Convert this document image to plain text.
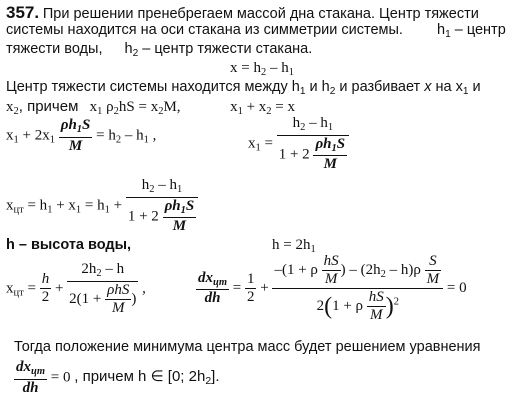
357. При решении пренебрегаем массой дна стакана. Центр тяжести
системы находится на оси стакана из симметрии системы. $h_1$ – центр
тяжести воды, $h_2$ – центр тяжести стакана.
$x = h_2 - h_1$
Центр тяжести системы находится между $h_1$ и $h_2$ и разбивает x на $x_1$ и
$x_2$, причем   $x_1$ $\rho_2hS = x_2M$,	$x_1 + x_2 = x$
$x_1 + 2x_1 \frac{\rho h_1S}{M} = h_2 - h_1$ ,
$x_1 = \frac{h_2 - h_1}{1 + 2 \frac{\rho h_1S}{M}}$
$x_{цт} = h_1 + x_1 = h_1 + \frac{h_2 - h_1}{1 + 2 \frac{\rho h_1S}{M}}$
h – высота воды,	$h = 2h_1$
$x_{цт} = \frac{h}{2}$ +
$2h_2$ – h
2(1 +
ρhS
M
)
,
$dx_{цт}$
dh
= $\frac{1}{2}$ +
–(1 + ρ $\frac{hS}{M}$ ) – $(2h_2 - h)\rho \frac{S}{M}$
2(1 + ρ $\frac{hS}{M} )^2$
= 0
Тогда положение минимума центра масс будет решением уравнения
$dx_{цт}$
dh
= 0 , причем h ∈ [0; $2h_2$].
